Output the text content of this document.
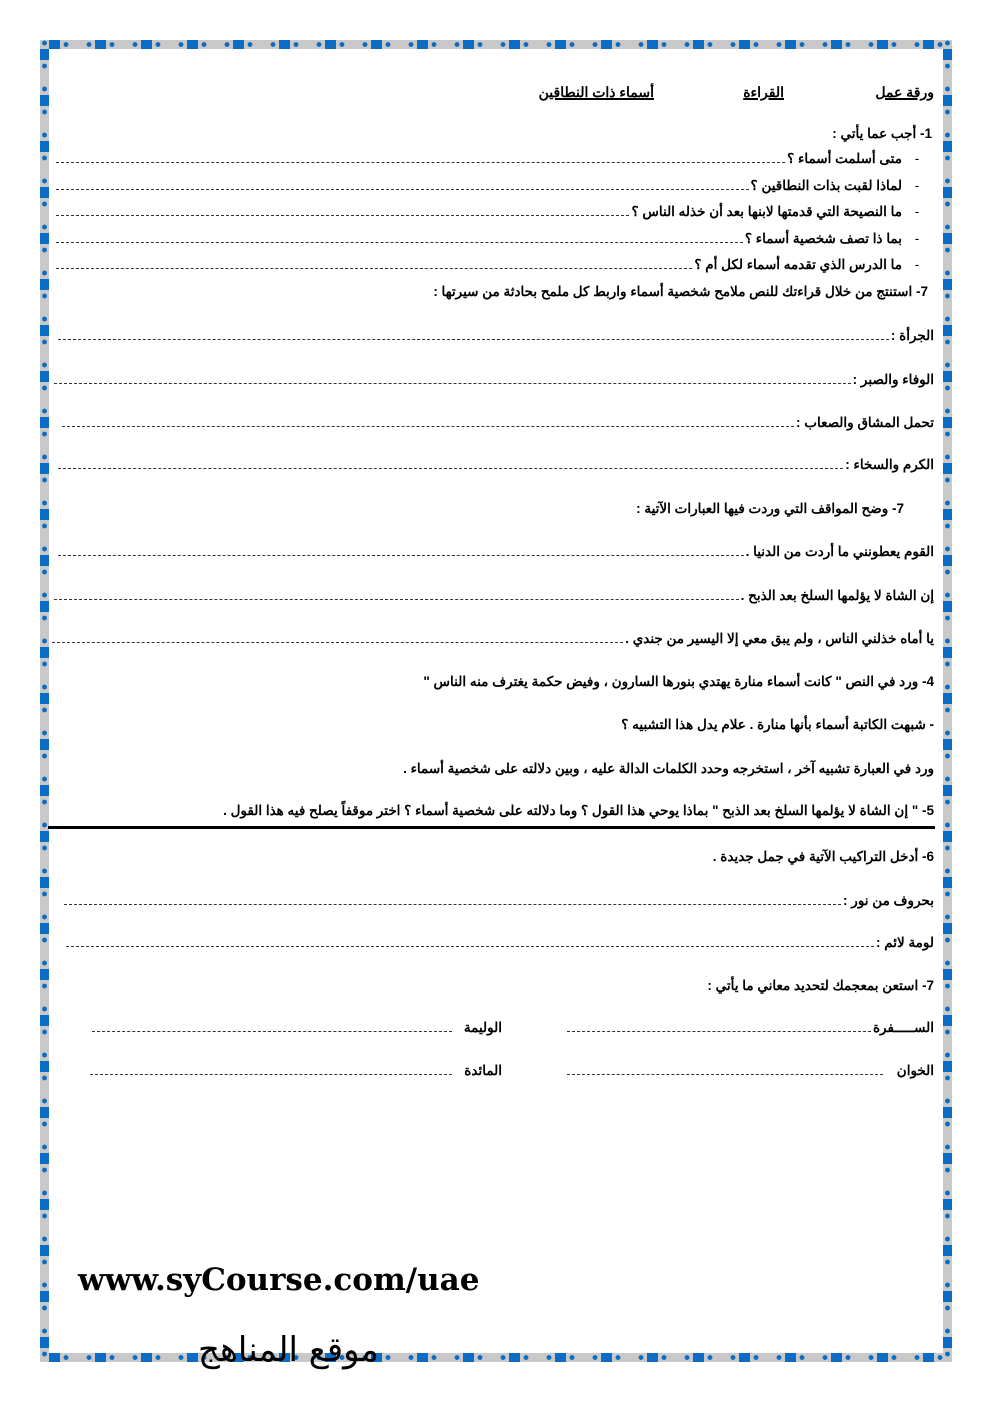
ورقة عمل
القراءة
أسماء ذات النطاقين
1- أجب عما يأتي :
-
متى أسلمت أسماء ؟
-
لماذا لقبت بذات النطاقين ؟
-
ما النصيحة التي قدمتها لابنها بعد أن خذله الناس ؟
-
بما ذا تصف شخصية أسماء ؟
-
ما الدرس الذي تقدمه أسماء لكل أم ؟
7- استنتج من خلال قراءتك للنص ملامح شخصية أسماء واربط كل ملمح بحادثة من سيرتها :
الجرأة :
الوفاء والصبر :
تحمل المشاق والصعاب :
الكرم والسخاء :
7- وضح المواقف التي وردت فيها العبارات الآتية :
القوم يعطونني ما أردت من الدنيا .
إن الشاة لا يؤلمها السلخ بعد الذبح .
يا أماه خذلني الناس ، ولم يبق معي إلا اليسير من جندي .
4- ورد في النص " كانت أسماء منارة يهتدي بنورها السارون ، وفيض حكمة يغترف منه الناس "
- شبهت الكاتبة أسماء بأنها منارة . علام يدل هذا التشبيه ؟
ورد في العبارة تشبيه آخر ، استخرجه وحدد الكلمات الدالة عليه ، وبين دلالته على شخصية أسماء .
5- " إن الشاة لا يؤلمها السلخ بعد الذبح " بماذا يوحي هذا القول ؟ وما دلالته على شخصية أسماء ؟ اختر موقفاً يصلح فيه هذا القول .
6- أدخل التراكيب الآتية في جمل جديدة .
بحروف من نور :
لومة لائم :
7- استعن بمعجمك لتحديد معاني ما يأتي :
الســـــفرة
الوليمة
الخوان
المائدة
www.syCourse.com/uae
موقع المناهج
